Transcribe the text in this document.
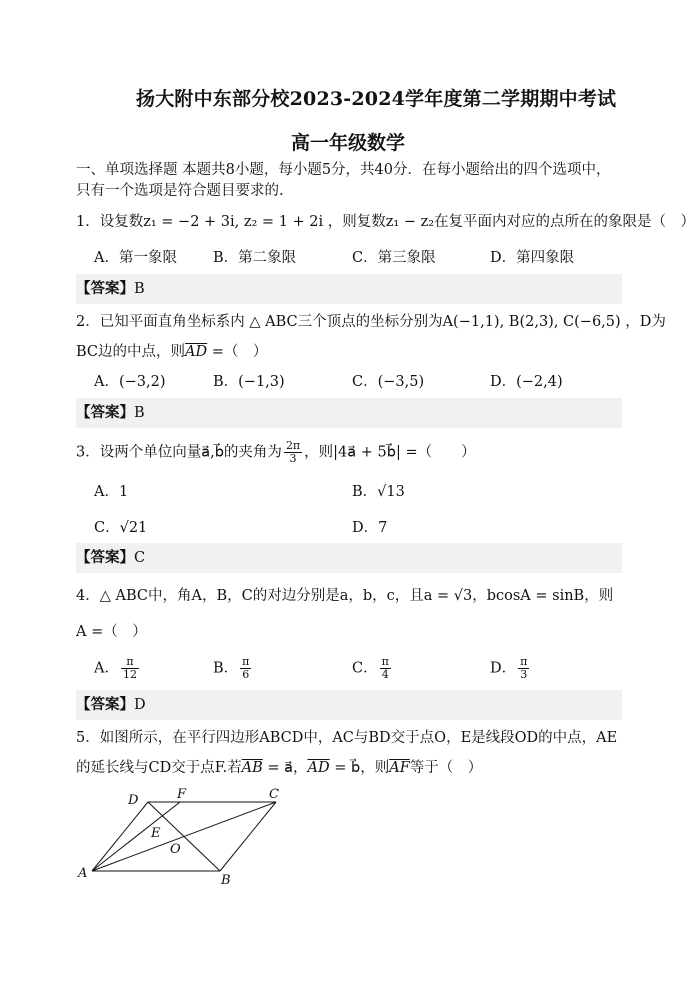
扬大附中东部分校2023-2024学年度第二学期期中考试
高一年级数学
一、单项选择题 本题共8小题，每小题5分，共40分．在每小题给出的四个选项中，
只有一个选项是符合题目要求的.
1．设复数z₁ = −2 + 3i, z₂ = 1 + 2i ，则复数z₁ − z₂在复平面内对应的点所在的象限是（　）
A．第一象限 B．第二象限	C．第三象限	D．第四象限
【答案】B
2．已知平面直角坐标系内 △ ABC三个顶点的坐标分别为A(−1,1), B(2,3), C(−6,5) ，D为
BC边的中点，则$\overline{AD}$ =（　）
A．(−3,2)	B．(−1,3)	C．(−3,5)	D．(−2,4)
【答案】B
3．设两个单位向量a⃗,b⃗的夹角为 $\frac{2\pi}{3}$ ，则|4a⃗ + 5b⃗| =（　　）
A．1	B．√13
C．√21	D．7
【答案】C
4．△ ABC中，角A，B，C的对边分别是a，b，c，且a = √3，bcosA = sinB，则
A =（　）
A． $\frac{\pi}{12}$	B． $\frac{\pi}{6}$	C． $\frac{\pi}{4}$	D． $\frac{\pi}{3}$
【答案】D
5．如图所示，在平行四边形ABCD中，AC与BD交于点O，E是线段OD的中点，AE
的延长线与CD交于点F.若$\overline{AB}$ = a⃗，$\overline{AD}$ = b⃗，则$\overline{AF}$等于（　）
A	B
C
D
E
F
O
